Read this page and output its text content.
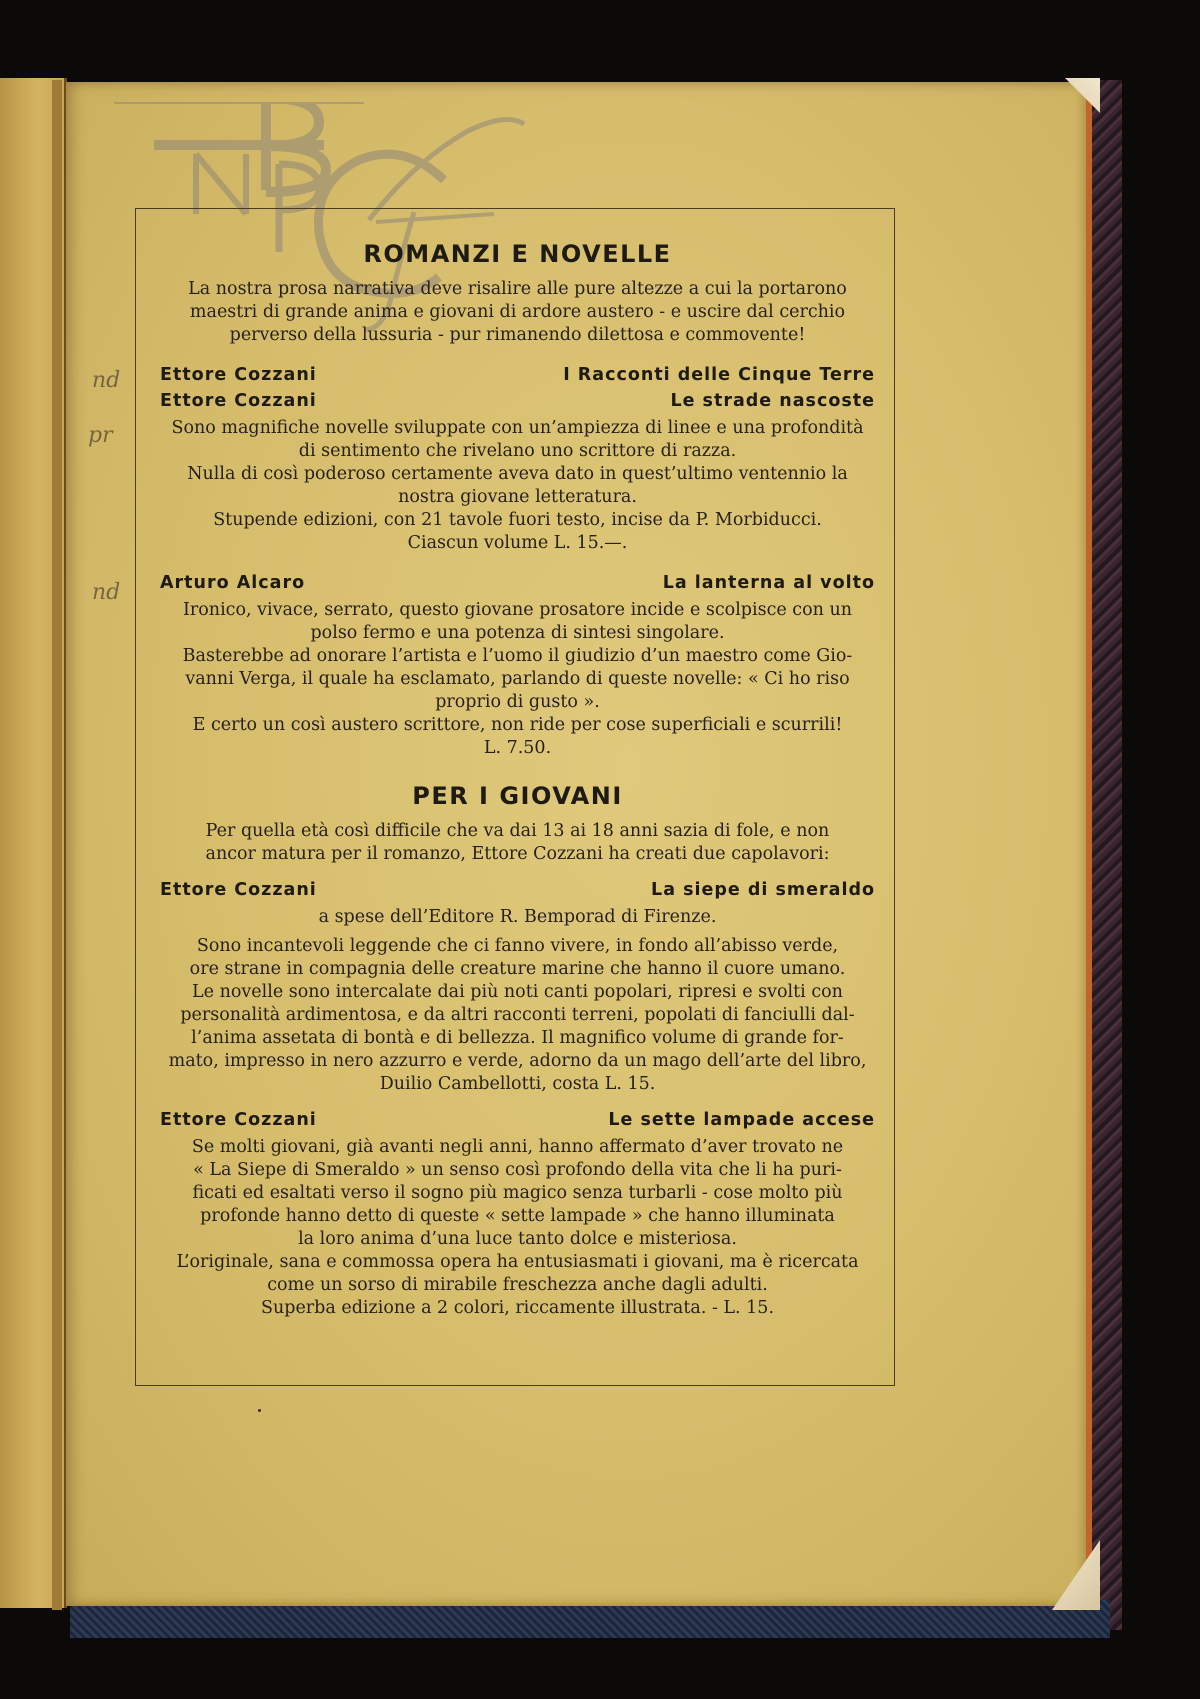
nd
pr
nd
ROMANZI E NOVELLE

La nostra prosa narrativa deve risalire alle pure altezze a cui la portarono

maestri di grande anima e giovani di ardore austero - e uscire dal cerchio

perverso della lussuria - pur rimanendo dilettosa e commovente!

Ettore Cozzani	I Racconti delle Cinque Terre
Ettore Cozzani	Le strade nascoste

Sono magnifiche novelle sviluppate con un’ampiezza di linee e una profondità

di sentimento che rivelano uno scrittore di razza.

Nulla di così poderoso certamente aveva dato in quest’ultimo ventennio la

nostra giovane letteratura.

Stupende edizioni, con 21 tavole fuori testo, incise da P. Morbiducci.

Ciascun volume L. 15.—.

Arturo Alcaro	La lanterna al volto

Ironico, vivace, serrato, questo giovane prosatore incide e scolpisce con un

polso fermo e una potenza di sintesi singolare.

Basterebbe ad onorare l’artista e l’uomo il giudizio d’un maestro come Gio-

vanni Verga, il quale ha esclamato, parlando di queste novelle: « Ci ho riso

proprio di gusto ».

E certo un così austero scrittore, non ride per cose superficiali e scurrili!

L. 7.50.

PER I GIOVANI

Per quella età così difficile che va dai 13 ai 18 anni sazia di fole, e non

ancor matura per il romanzo, Ettore Cozzani ha creati due capolavori:

Ettore Cozzani	La siepe di smeraldo

a spese dell’Editore R. Bemporad di Firenze.

Sono incantevoli leggende che ci fanno vivere, in fondo all’abisso verde,

ore strane in compagnia delle creature marine che hanno il cuore umano.

Le novelle sono intercalate dai più noti canti popolari, ripresi e svolti con

personalità ardimentosa, e da altri racconti terreni, popolati di fanciulli dal-

l’anima assetata di bontà e di bellezza. Il magnifico volume di grande for-

mato, impresso in nero azzurro e verde, adorno da un mago dell’arte del libro,

Duilio Cambellotti, costa L. 15.

Ettore Cozzani	Le sette lampade accese

Se molti giovani, già avanti negli anni, hanno affermato d’aver trovato ne

« La Siepe di Smeraldo » un senso così profondo della vita che li ha puri-

ficati ed esaltati verso il sogno più magico senza turbarli - cose molto più

profonde hanno detto di queste « sette lampade » che hanno illuminata

la loro anima d’una luce tanto dolce e misteriosa.

L’originale, sana e commossa opera ha entusiasmati i giovani, ma è ricercata

come un sorso di mirabile freschezza anche dagli adulti.

Superba edizione a 2 colori, riccamente illustrata. - L. 15.
